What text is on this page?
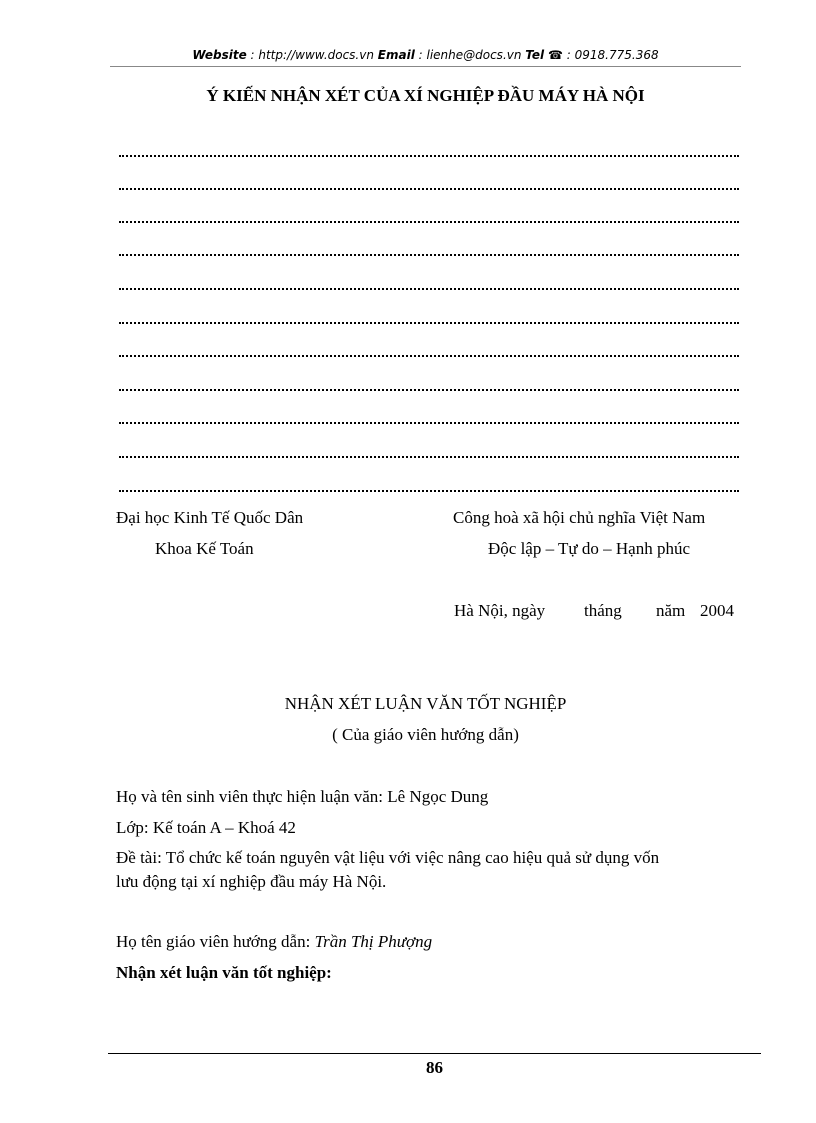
Website : http://www.docs.vn Email : lienhe@docs.vn Tel ☎ : 0918.775.368
Ý KIẾN NHẬN XÉT CỦA XÍ NGHIỆP ĐẦU MÁY HÀ NỘI
Đại học Kinh Tế Quốc Dân
Khoa Kế Toán
Công hoà xã hội chủ nghĩa Việt Nam
Độc lập – Tự do – Hạnh phúc
Hà Nội, ngày tháng năm 2004
NHẬN XÉT LUẬN VĂN TỐT NGHIỆP
( Của giáo viên hướng dẫn)
Họ và tên sinh viên thực hiện luận văn: Lê Ngọc Dung
Lớp: Kế toán A – Khoá 42
Đề tài: Tổ chức kế toán nguyên vật liệu với việc nâng cao hiệu quả sử dụng vốn
lưu động tại xí nghiệp đầu máy Hà Nội.
Họ tên giáo viên hướng dẫn: Trần Thị Phượng
Nhận xét luận văn tốt nghiệp:
86
